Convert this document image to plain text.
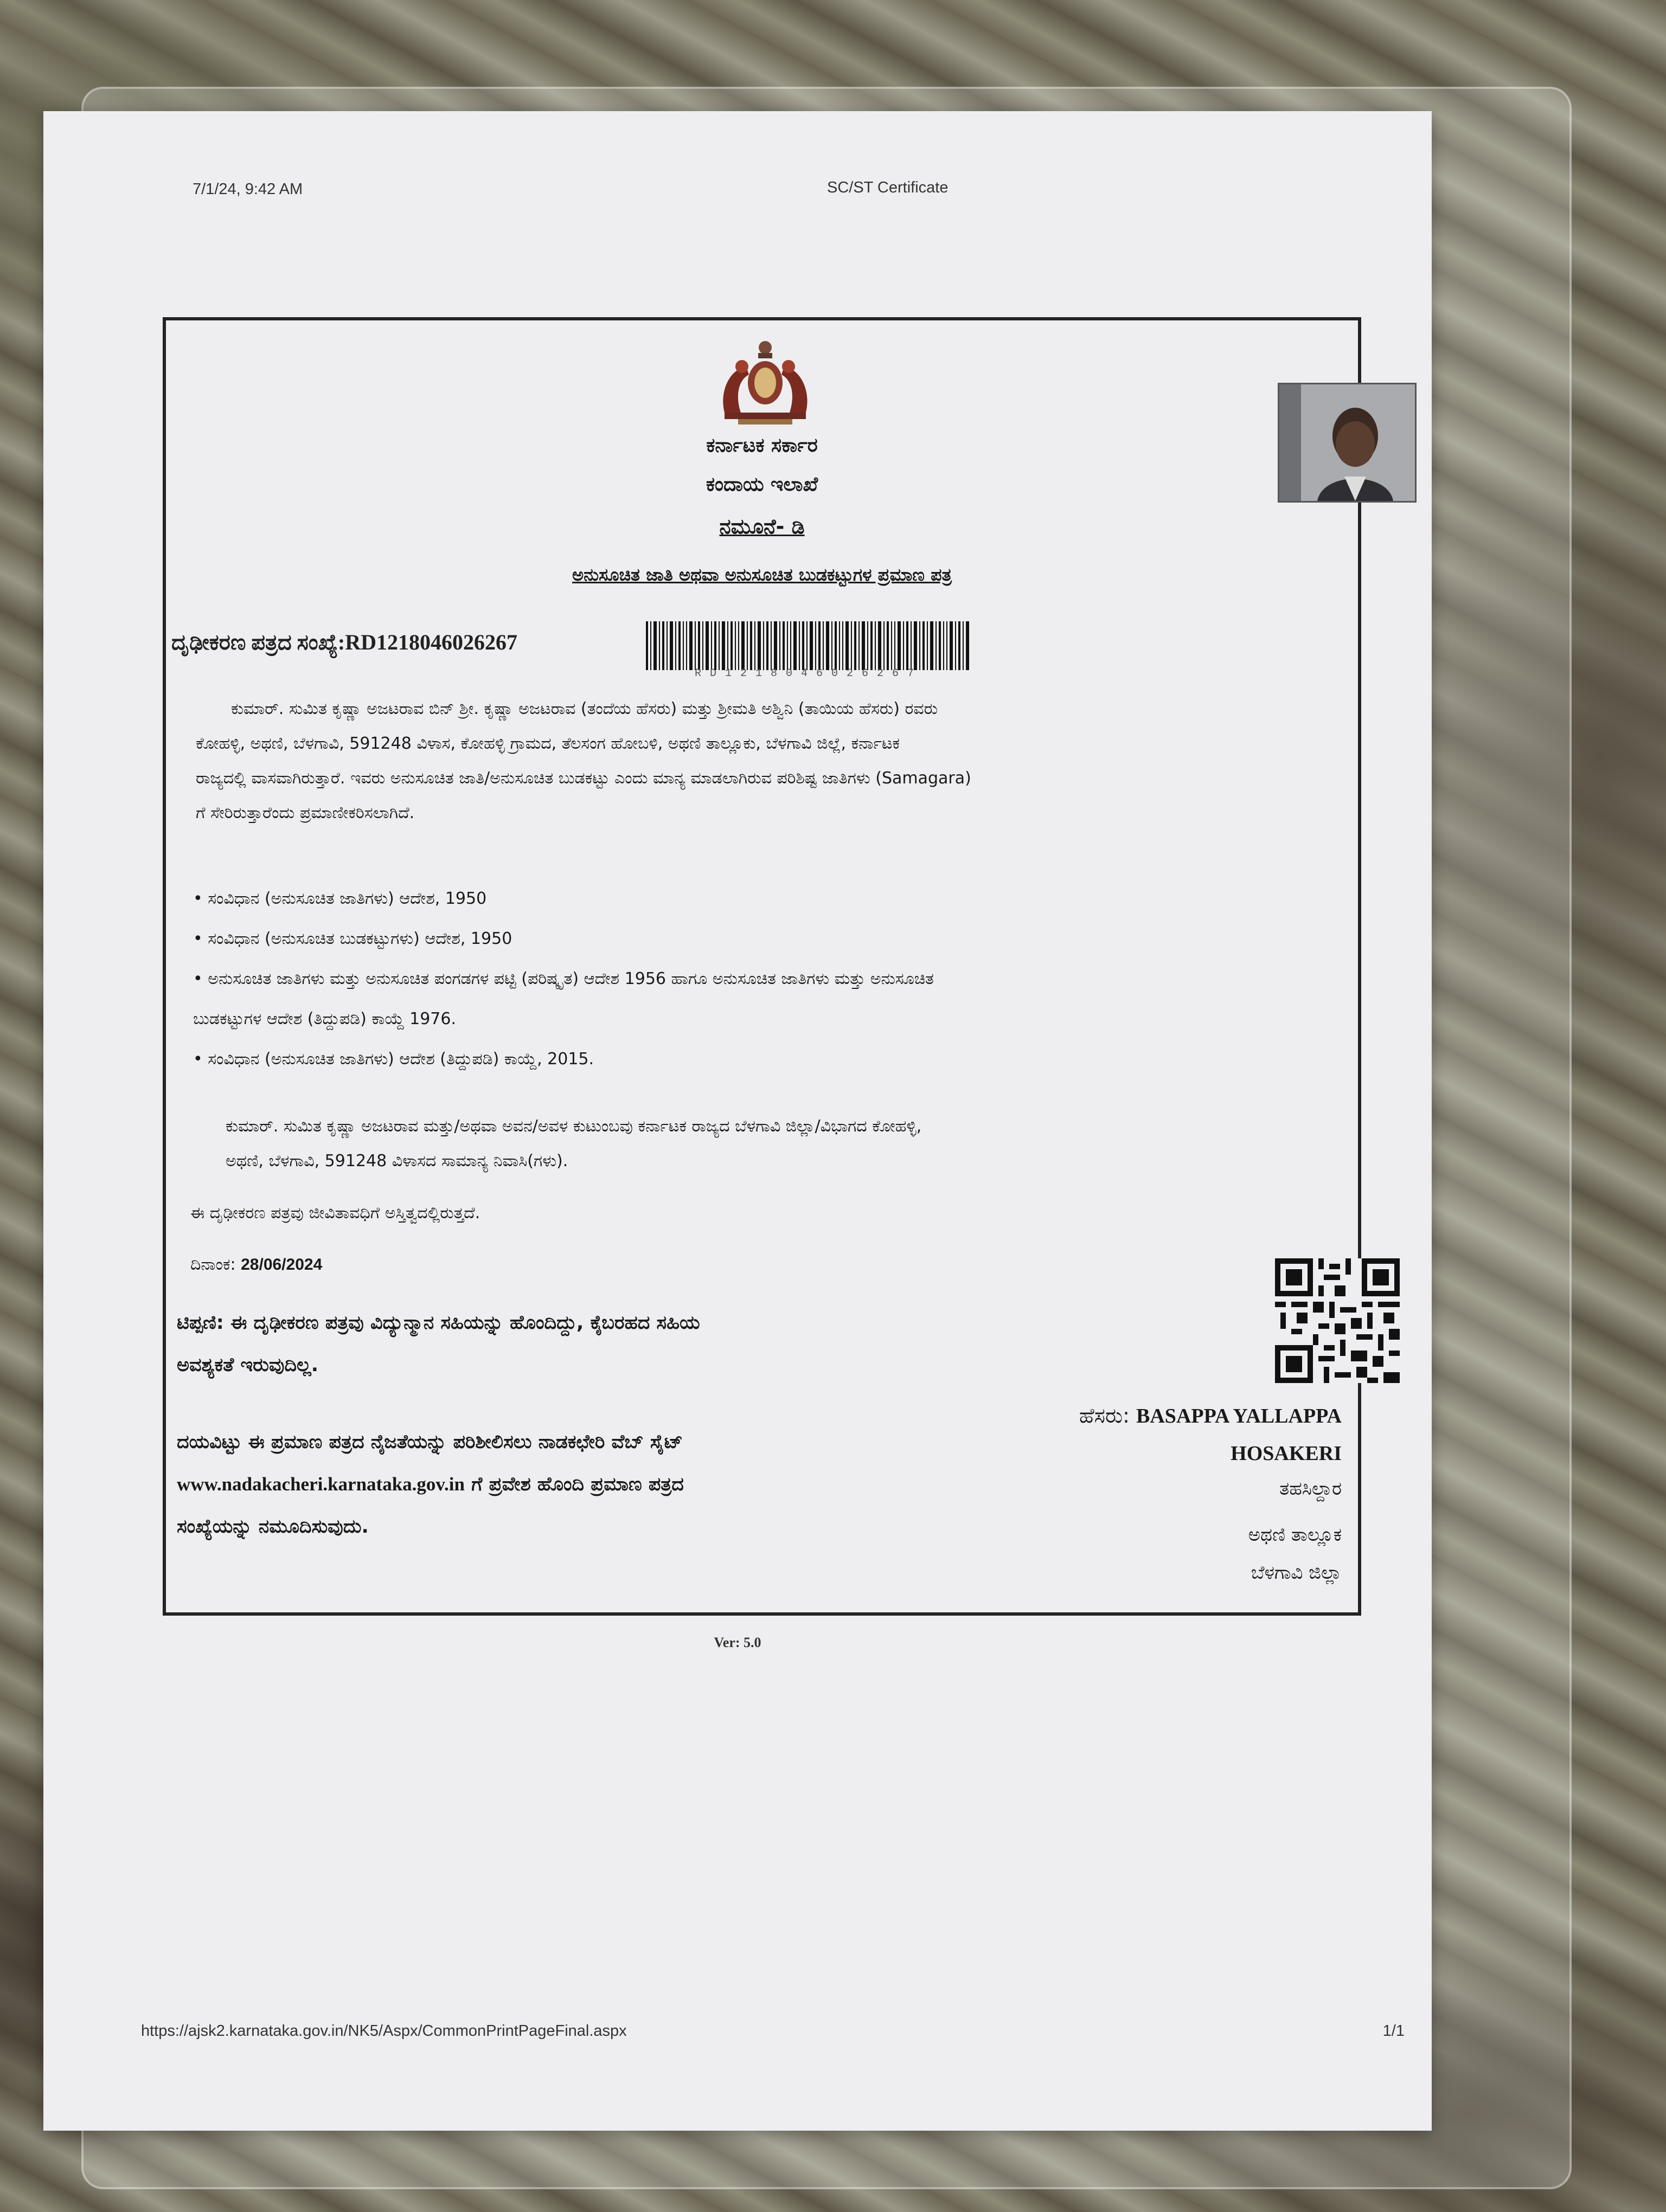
7/1/24, 9:42 AM	SC/ST Certificate
ಕರ್ನಾಟಕ ಸರ್ಕಾರ
ಕಂದಾಯ ಇಲಾಖೆ
ನಮೂನೆ- ಡಿ
ಅನುಸೂಚಿತ ಜಾತಿ ಅಥವಾ ಅನುಸೂಚಿತ ಬುಡಕಟ್ಟುಗಳ ಪ್ರಮಾಣ ಪತ್ರ
ದೃಢೀಕರಣ ಪತ್ರದ ಸಂಖ್ಯೆ:RD1218046026267
RD1218046026267
ಕುಮಾರ್. ಸುಮಿತ ಕೃಷ್ಣಾ ಅಜಟರಾವ ಬಿನ್ ಶ್ರೀ. ಕೃಷ್ಣಾ ಅಜಟರಾವ (ತಂದೆಯ ಹೆಸರು) ಮತ್ತು ಶ್ರೀಮತಿ ಅಶ್ವಿನಿ (ತಾಯಿಯ ಹೆಸರು) ರವರು
ಕೋಹಳ್ಳಿ, ಅಥಣಿ, ಬೆಳಗಾವಿ, 591248 ವಿಳಾಸ, ಕೋಹಳ್ಳಿ ಗ್ರಾಮದ, ತೆಲಸಂಗ ಹೋಬಳಿ, ಅಥಣಿ ತಾಲ್ಲೂಕು, ಬೆಳಗಾವಿ ಜಿಲ್ಲೆ, ಕರ್ನಾಟಕ
ರಾಜ್ಯದಲ್ಲಿ ವಾಸವಾಗಿರುತ್ತಾರೆ. ಇವರು ಅನುಸೂಚಿತ ಜಾತಿ/ಅನುಸೂಚಿತ ಬುಡಕಟ್ಟು ಎಂದು ಮಾನ್ಯ ಮಾಡಲಾಗಿರುವ ಪರಿಶಿಷ್ಟ ಜಾತಿಗಳು (Samagara)
ಗೆ ಸೇರಿರುತ್ತಾರೆಂದು ಪ್ರಮಾಣೀಕರಿಸಲಾಗಿದೆ.
• ಸಂವಿಧಾನ (ಅನುಸೂಚಿತ ಜಾತಿಗಳು) ಆದೇಶ, 1950
• ಸಂವಿಧಾನ (ಅನುಸೂಚಿತ ಬುಡಕಟ್ಟುಗಳು) ಆದೇಶ, 1950
• ಅನುಸೂಚಿತ ಜಾತಿಗಳು ಮತ್ತು ಅನುಸೂಚಿತ ಪಂಗಡಗಳ ಪಟ್ಟಿ (ಪರಿಷ್ಕೃತ) ಆದೇಶ 1956 ಹಾಗೂ ಅನುಸೂಚಿತ ಜಾತಿಗಳು ಮತ್ತು ಅನುಸೂಚಿತ
ಬುಡಕಟ್ಟುಗಳ ಆದೇಶ (ತಿದ್ದುಪಡಿ) ಕಾಯ್ದೆ 1976.
• ಸಂವಿಧಾನ (ಅನುಸೂಚಿತ ಜಾತಿಗಳು) ಆದೇಶ (ತಿದ್ದುಪಡಿ) ಕಾಯ್ದೆ, 2015.
ಕುಮಾರ್. ಸುಮಿತ ಕೃಷ್ಣಾ ಅಜಟರಾವ ಮತ್ತು/ಅಥವಾ ಅವನ/ಅವಳ ಕುಟುಂಬವು ಕರ್ನಾಟಕ ರಾಜ್ಯದ ಬೆಳಗಾವಿ ಜಿಲ್ಲಾ/ವಿಭಾಗದ ಕೋಹಳ್ಳಿ,
ಅಥಣಿ, ಬೆಳಗಾವಿ, 591248 ವಿಳಾಸದ ಸಾಮಾನ್ಯ ನಿವಾಸಿ(ಗಳು).
ಈ ದೃಢೀಕರಣ ಪತ್ರವು ಜೀವಿತಾವಧಿಗೆ ಅಸ್ತಿತ್ವದಲ್ಲಿರುತ್ತದೆ.
ದಿನಾಂಕ: 28/06/2024
ಟಿಪ್ಪಣಿ: ಈ ದೃಢೀಕರಣ ಪತ್ರವು ವಿದ್ಯುನ್ಮಾನ ಸಹಿಯನ್ನು ಹೊಂದಿದ್ದು, ಕೈಬರಹದ ಸಹಿಯ
ಅವಶ್ಯಕತೆ ಇರುವುದಿಲ್ಲ.
ದಯವಿಟ್ಟು ಈ ಪ್ರಮಾಣ ಪತ್ರದ ನೈಜತೆಯನ್ನು ಪರಿಶೀಲಿಸಲು ನಾಡಕಛೇರಿ ವೆಬ್ ಸೈಟ್
www.nadakacheri.karnataka.gov.in ಗೆ ಪ್ರವೇಶ ಹೊಂದಿ ಪ್ರಮಾಣ ಪತ್ರದ
ಸಂಖ್ಯೆಯನ್ನು ನಮೂದಿಸುವುದು.
ಹೆಸರು: BASAPPA YALLAPPA
HOSAKERI
ತಹಸಿಲ್ದಾರ
ಅಥಣಿ ತಾಲ್ಲೂಕ
ಬೆಳಗಾವಿ ಜಿಲ್ಲಾ
Ver: 5.0
https://ajsk2.karnataka.gov.in/NK5/Aspx/CommonPrintPageFinal.aspx	1/1
